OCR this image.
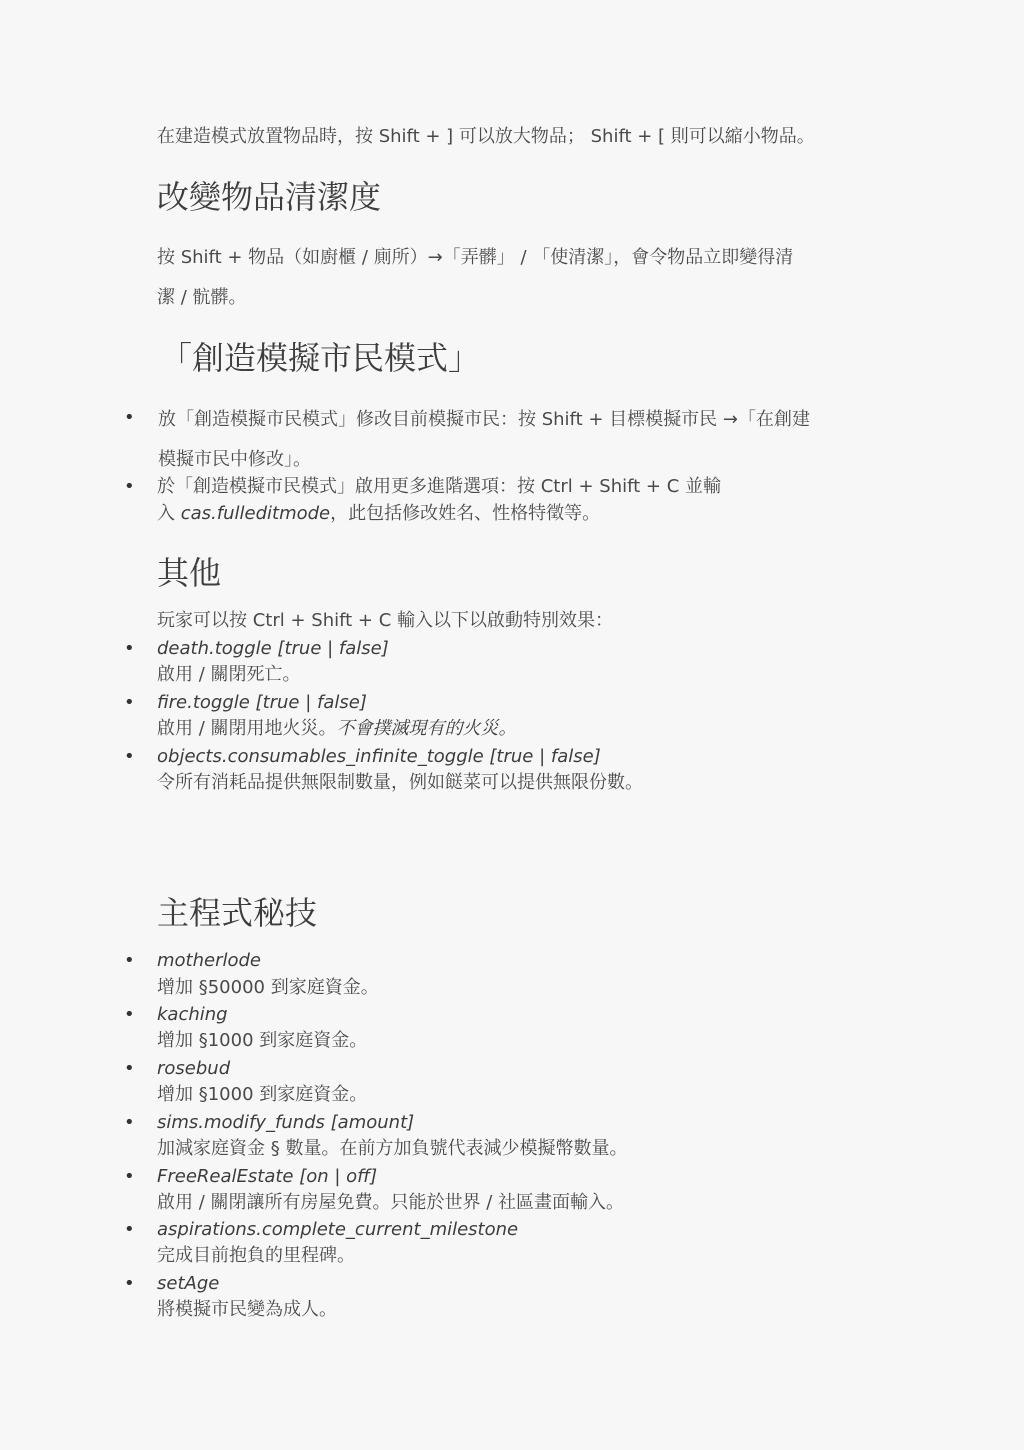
在建造模式放置物品時，按 Shift + ] 可以放大物品； Shift + [ 則可以縮小物品。
改變物品清潔度
按 Shift + 物品（如廚櫃 / 廁所）→「弄髒」 / 「使清潔」，會令物品立即變得清
潔 / 骯髒。
「創造模擬市民模式」
• 放「創造模擬市民模式」修改目前模擬市民：按 Shift + 目標模擬市民 →「在創建
模擬市民中修改」。
• 於「創造模擬市民模式」啟用更多進階選項：按 Ctrl + Shift + C 並輸
入 cas.fulleditmode，此包括修改姓名、性格特徵等。
其他
玩家可以按 Ctrl + Shift + C 輸入以下以啟動特別效果：
• death.toggle [true | false]
啟用 / 關閉死亡。
• fire.toggle [true | false]
啟用 / 關閉用地火災。不會撲滅現有的火災。
• objects.consumables_infinite_toggle [true | false]
令所有消耗品提供無限制數量，例如餸菜可以提供無限份數。
主程式秘技
• motherlode
增加 §50000 到家庭資金。
• kaching
增加 §1000 到家庭資金。
• rosebud
增加 §1000 到家庭資金。
• sims.modify_funds [amount]
加減家庭資金 § 數量。在前方加負號代表減少模擬幣數量。
• FreeRealEstate [on | off]
啟用 / 關閉讓所有房屋免費。只能於世界 / 社區畫面輸入。
• aspirations.complete_current_milestone
完成目前抱負的里程碑。
• setAge
將模擬市民變為成人。
